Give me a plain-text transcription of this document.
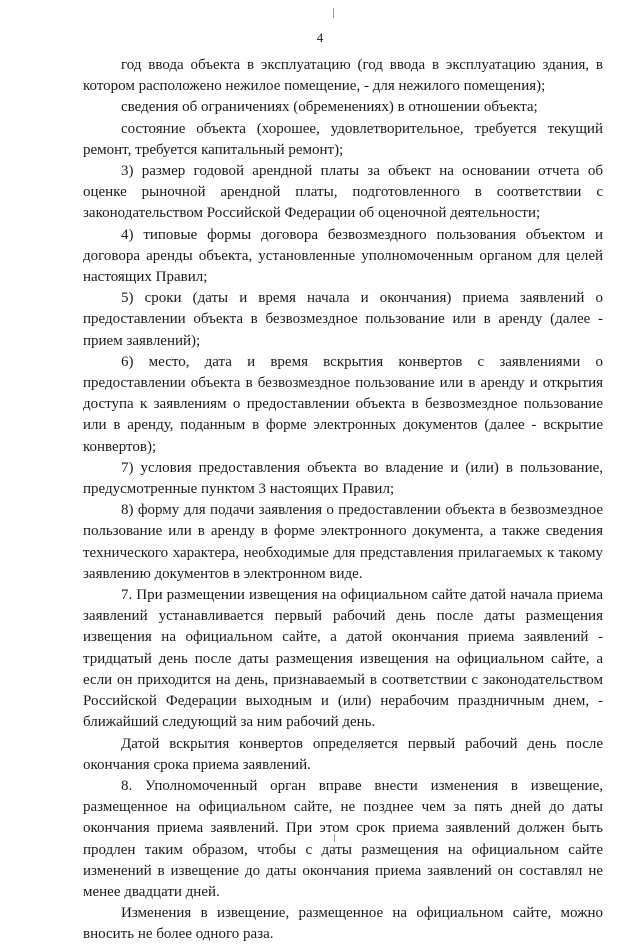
4

год ввода объекта в эксплуатацию (год ввода в эксплуатацию здания, в котором расположено нежилое помещение, - для нежилого помещения);

сведения об ограничениях (обременениях) в отношении объекта;

состояние объекта (хорошее, удовлетворительное, требуется текущий ремонт, требуется капитальный ремонт);

3) размер годовой арендной платы за объект на основании отчета об оценке рыночной арендной платы, подготовленного в соответствии с законодательством Российской Федерации об оценочной деятельности;

4) типовые формы договора безвозмездного пользования объектом и договора аренды объекта, установленные уполномоченным органом для целей настоящих Правил;

5) сроки (даты и время начала и окончания) приема заявлений о предоставлении объекта в безвозмездное пользование или в аренду (далее - прием заявлений);

6) место, дата и время вскрытия конвертов с заявлениями о предоставлении объекта в безвозмездное пользование или в аренду и открытия доступа к заявлениям о предоставлении объекта в безвозмездное пользование или в аренду, поданным в форме электронных документов (далее - вскрытие конвертов);

7) условия предоставления объекта во владение и (или) в пользование, предусмотренные пунктом 3 настоящих Правил;

8) форму для подачи заявления о предоставлении объекта в безвозмездное пользование или в аренду в форме электронного документа, а также сведения технического характера, необходимые для представления прилагаемых к такому заявлению документов в электронном виде.

7. При размещении извещения на официальном сайте датой начала приема заявлений устанавливается первый рабочий день после даты размещения извещения на официальном сайте, а датой окончания приема заявлений - тридцатый день после даты размещения извещения на официальном сайте, а если он приходится на день, признаваемый в соответствии с законодательством Российской Федерации выходным и (или) нерабочим праздничным днем, - ближайший следующий за ним рабочий день.

Датой вскрытия конвертов определяется первый рабочий день после окончания срока приема заявлений.

8. Уполномоченный орган вправе внести изменения в извещение, размещенное на официальном сайте, не позднее чем за пять дней до даты окончания приема заявлений. При этом срок приема заявлений должен быть продлен таким образом, чтобы с даты размещения на официальном сайте изменений в извещение до даты окончания приема заявлений он составлял не менее двадцати дней.

Изменения в извещение, размещенное на официальном сайте, можно вносить не более одного раза.
